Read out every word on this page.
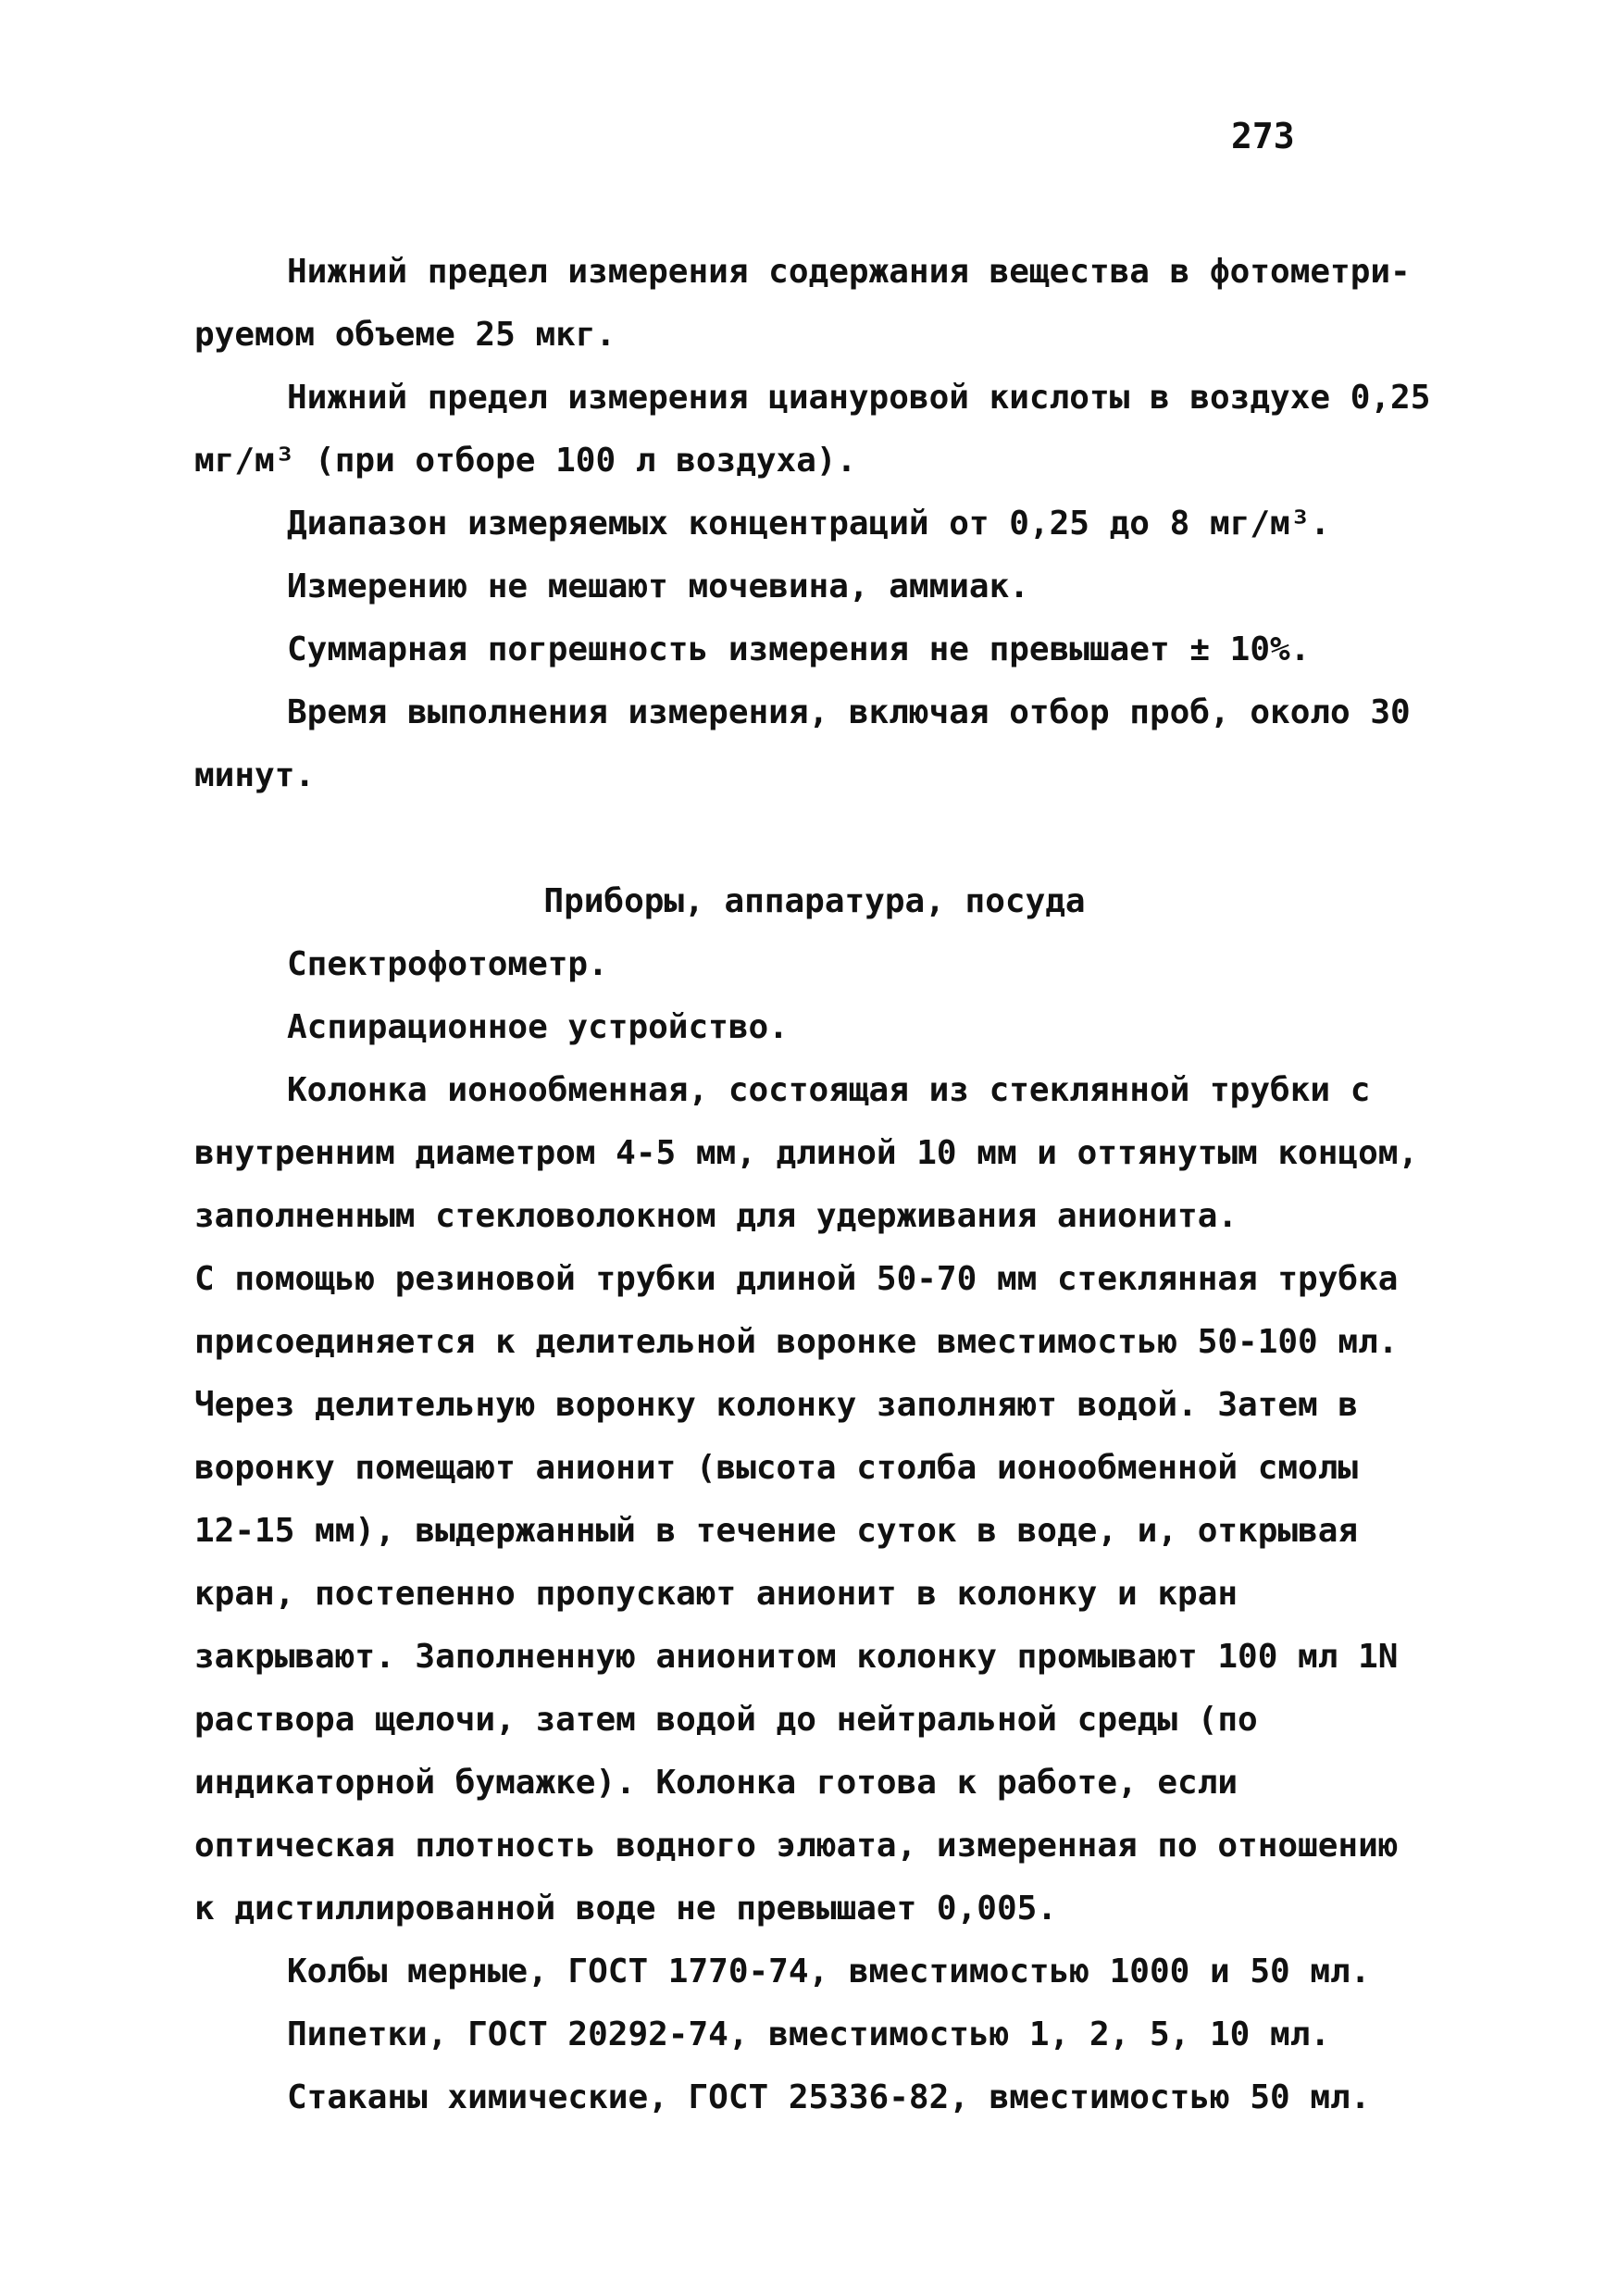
273

Нижний предел измерения содержания вещества в фотометри-руемом объеме 25 мкг.

Нижний предел измерения циануровой кислоты в воздухе 0,25 мг/м³ (при отборе 100 л воздуха).

Диапазон измеряемых концентраций от 0,25 до 8 мг/м³.

Измерению не мешают мочевина, аммиак.

Суммарная погрешность измерения не превышает ± 10%.

Время выполнения измерения, включая отбор проб, около 30 минут.

Приборы, аппаратура, посуда

Спектрофотометр.

Аспирационное устройство.

Колонка ионообменная, состоящая из стеклянной трубки с внутренним диаметром 4-5 мм, длиной 10 мм и оттянутым концом, заполненным стекловолокном для удерживания анионита.

С помощью резиновой трубки длиной 50-70 мм стеклянная трубка присоединяется к делительной воронке вместимостью 50-100 мл. Через делительную воронку колонку заполняют водой. Затем в воронку помещают анионит (высота столба ионообменной смолы 12-15 мм), выдержанный в течение суток в воде, и, открывая кран, постепенно пропускают анионит в колонку и кран закрывают. Заполненную анионитом колонку промывают 100 мл 1N раствора щелочи, затем водой до нейтральной среды (по индикаторной бумажке). Колонка готова к работе, если оптическая плотность водного элюата, измеренная по отношению к дистиллированной воде не превышает 0,005.

Колбы мерные, ГОСТ 1770-74, вместимостью 1000 и 50 мл.

Пипетки, ГОСТ 20292-74, вместимостью 1, 2, 5, 10 мл.

Стаканы химические, ГОСТ 25336-82, вместимостью 50 мл.
